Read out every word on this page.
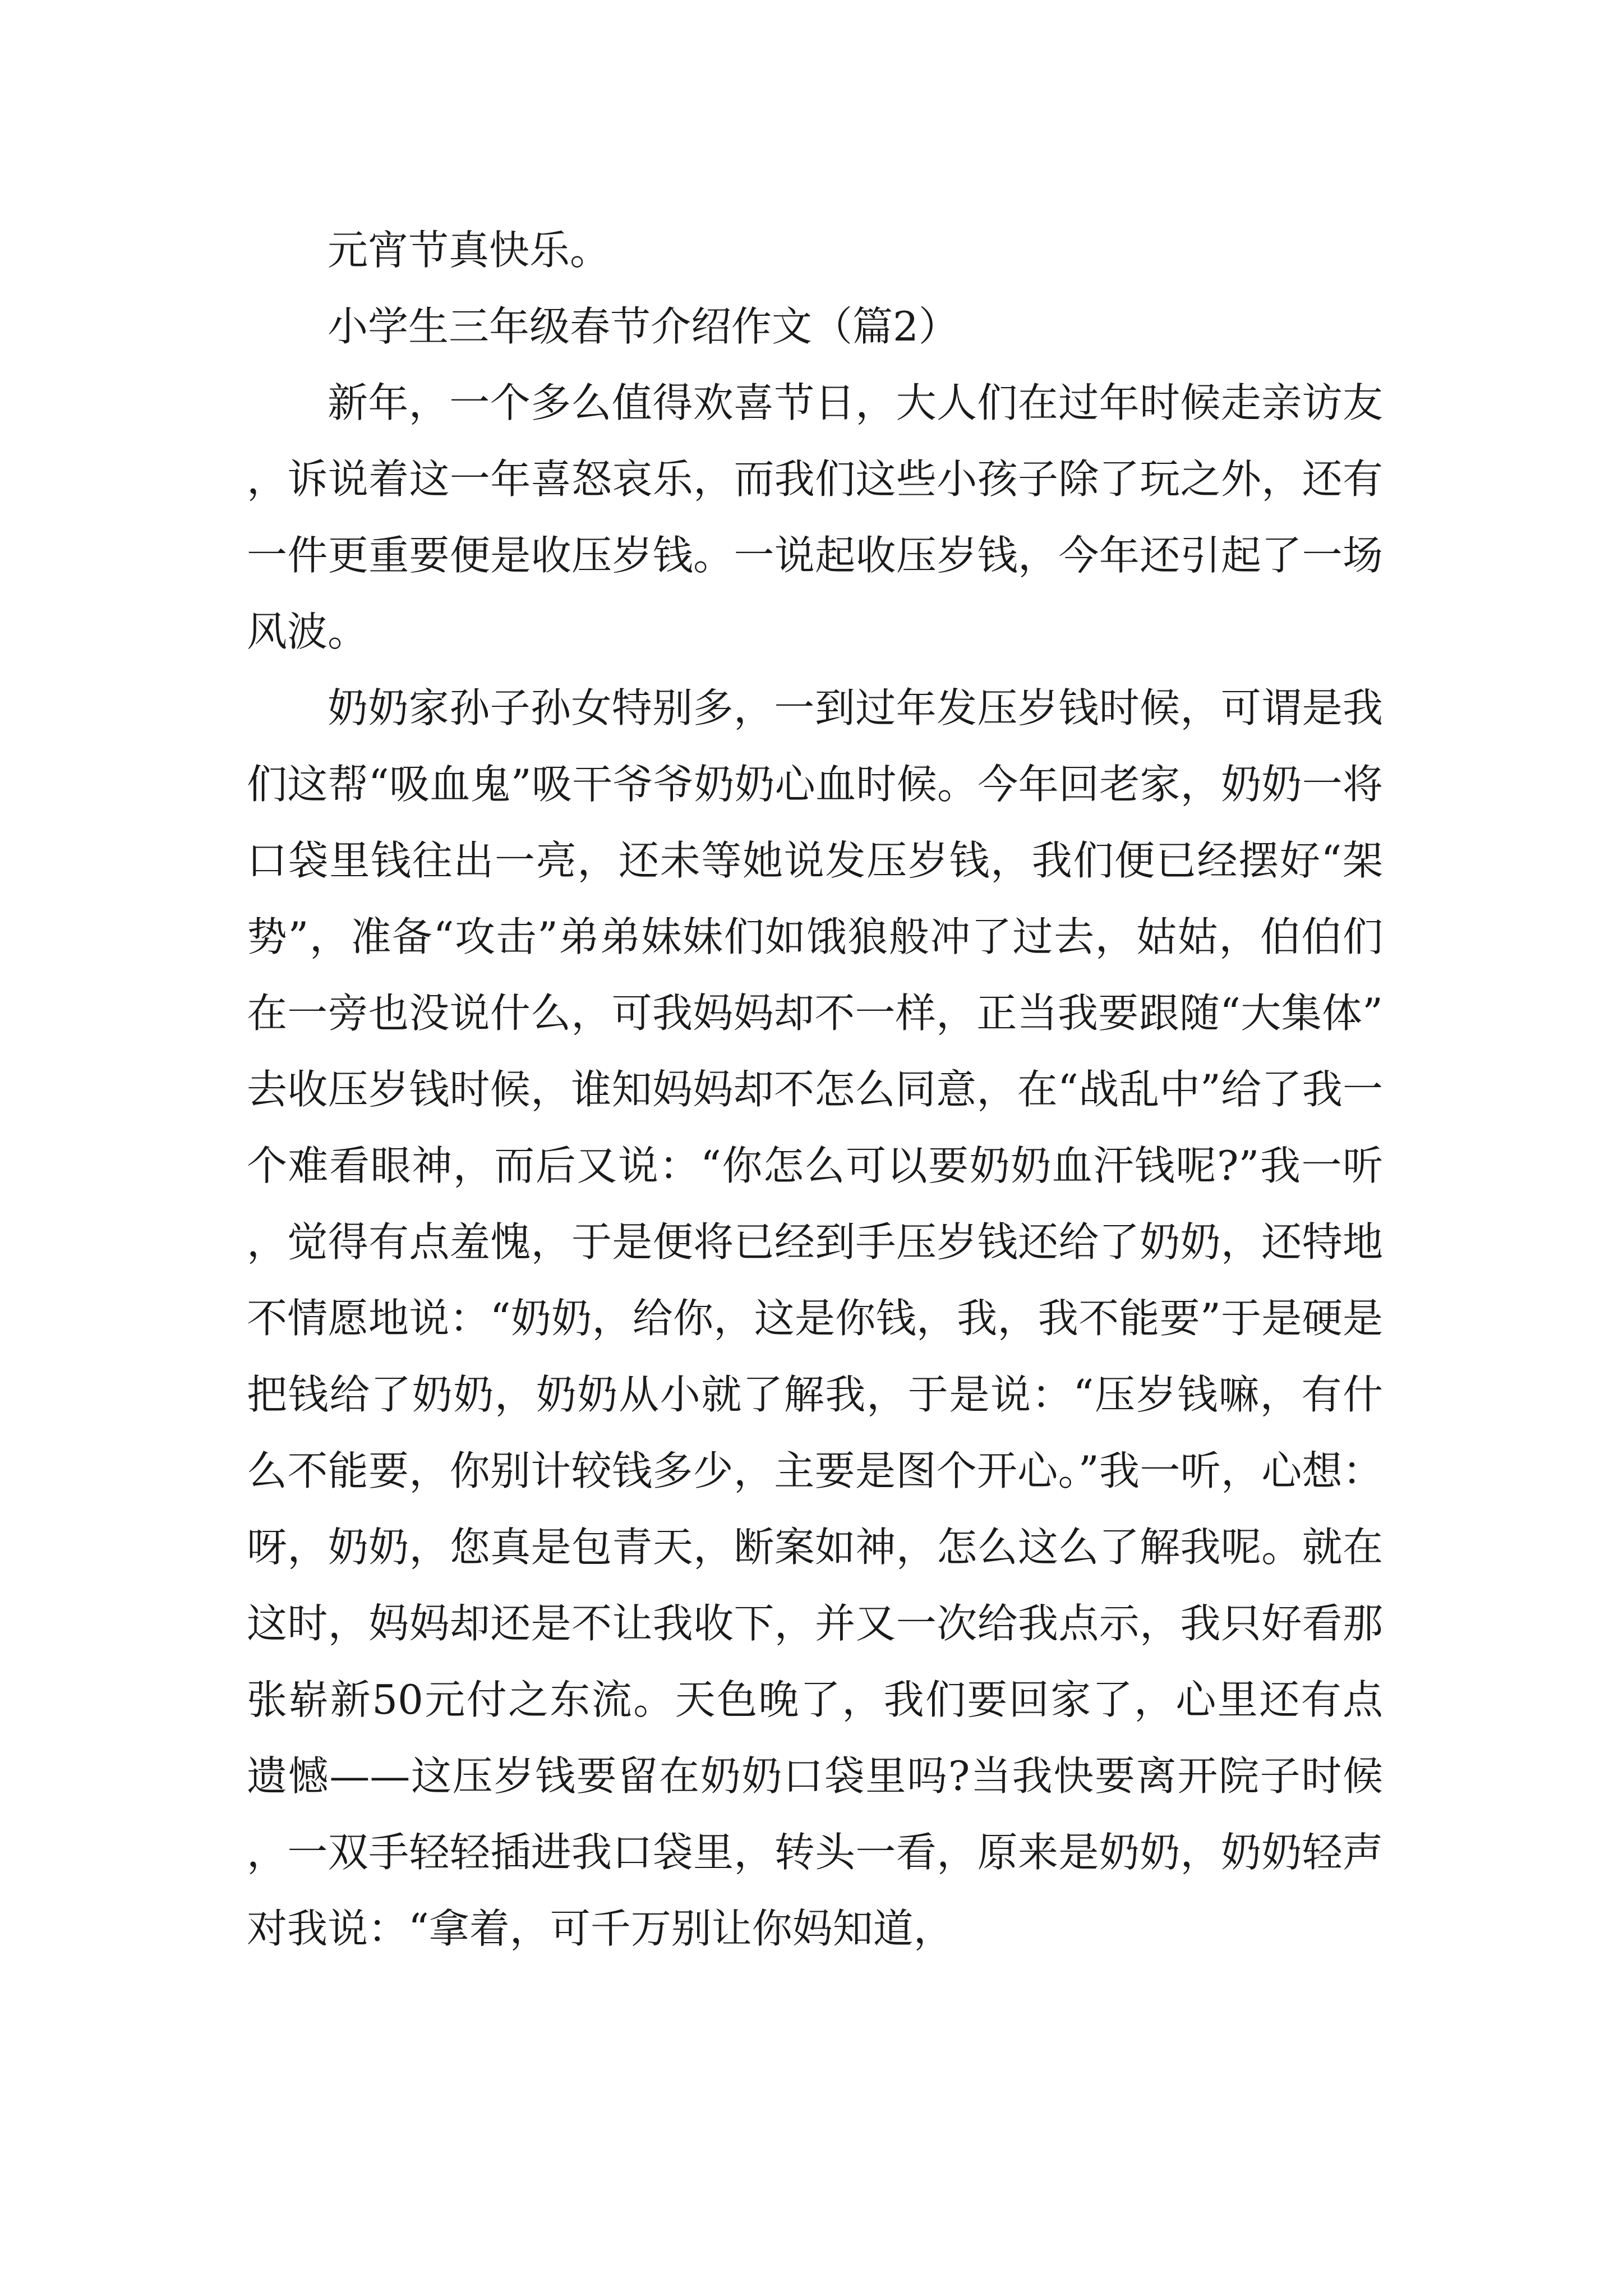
元宵节真快乐。

小学生三年级春节介绍作文（篇2）

新年，一个多么值得欢喜节日，大人们在过年时候走亲访友，诉说着这一年喜怒哀乐，而我们这些小孩子除了玩之外，还有一件更重要便是收压岁钱。一说起收压岁钱，今年还引起了一场风波。

奶奶家孙子孙女特别多，一到过年发压岁钱时候，可谓是我们这帮“吸血鬼”吸干爷爷奶奶心血时候。今年回老家，奶奶一将口袋里钱往出一亮，还未等她说发压岁钱，我们便已经摆好“架势”，准备“攻击”弟弟妹妹们如饿狼般冲了过去，姑姑，伯伯们在一旁也没说什么，可我妈妈却不一样，正当我要跟随“大集体”去收压岁钱时候，谁知妈妈却不怎么同意，在“战乱中”给了我一个难看眼神，而后又说：“你怎么可以要奶奶血汗钱呢?”我一听，觉得有点羞愧，于是便将已经到手压岁钱还给了奶奶，还特地不情愿地说：“奶奶，给你，这是你钱，我，我不能要”于是硬是把钱给了奶奶，奶奶从小就了解我，于是说：“压岁钱嘛，有什么不能要，你别计较钱多少，主要是图个开心。”我一听，心想：呀，奶奶，您真是包青天，断案如神，怎么这么了解我呢。就在这时，妈妈却还是不让我收下，并又一次给我点示，我只好看那张崭新50元付之东流。天色晚了，我们要回家了，心里还有点遗憾——这压岁钱要留在奶奶口袋里吗?当我快要离开院子时候，一双手轻轻插进我口袋里，转头一看，原来是奶奶，奶奶轻声对我说：“拿着，可千万别让你妈知道，
